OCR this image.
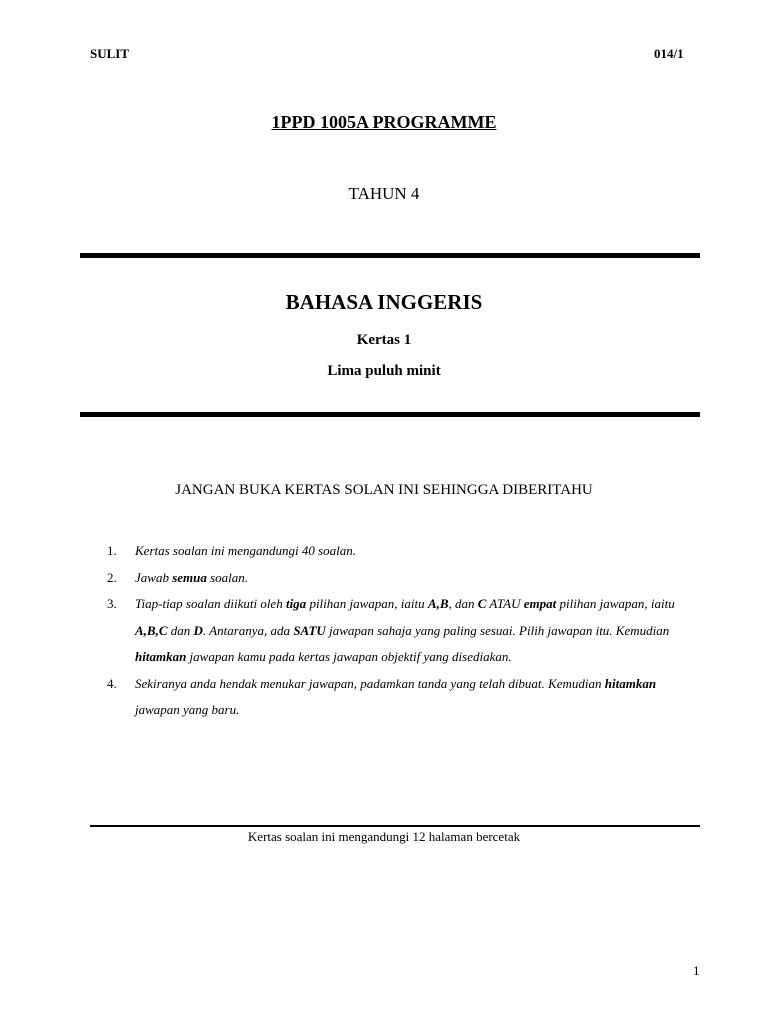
SULIT	014/1
1PPD 1005A PROGRAMME
TAHUN 4
BAHASA INGGERIS
Kertas 1
Lima puluh minit
JANGAN BUKA KERTAS SOLAN INI SEHINGGA DIBERITAHU
1. Kertas soalan ini mengandungi 40 soalan.
2. Jawab semua soalan.
3. Tiap-tiap soalan diikuti oleh tiga pilihan jawapan, iaitu A,B, dan C ATAU empat pilihan jawapan, iaitu A,B,C dan D. Antaranya, ada SATU jawapan sahaja yang paling sesuai. Pilih jawapan itu. Kemudian hitamkan jawapan kamu pada kertas jawapan objektif yang disediakan.
4. Sekiranya anda hendak menukar jawapan, padamkan tanda yang telah dibuat. Kemudian hitamkan jawapan yang baru.
Kertas soalan ini mengandungi 12 halaman bercetak
1
